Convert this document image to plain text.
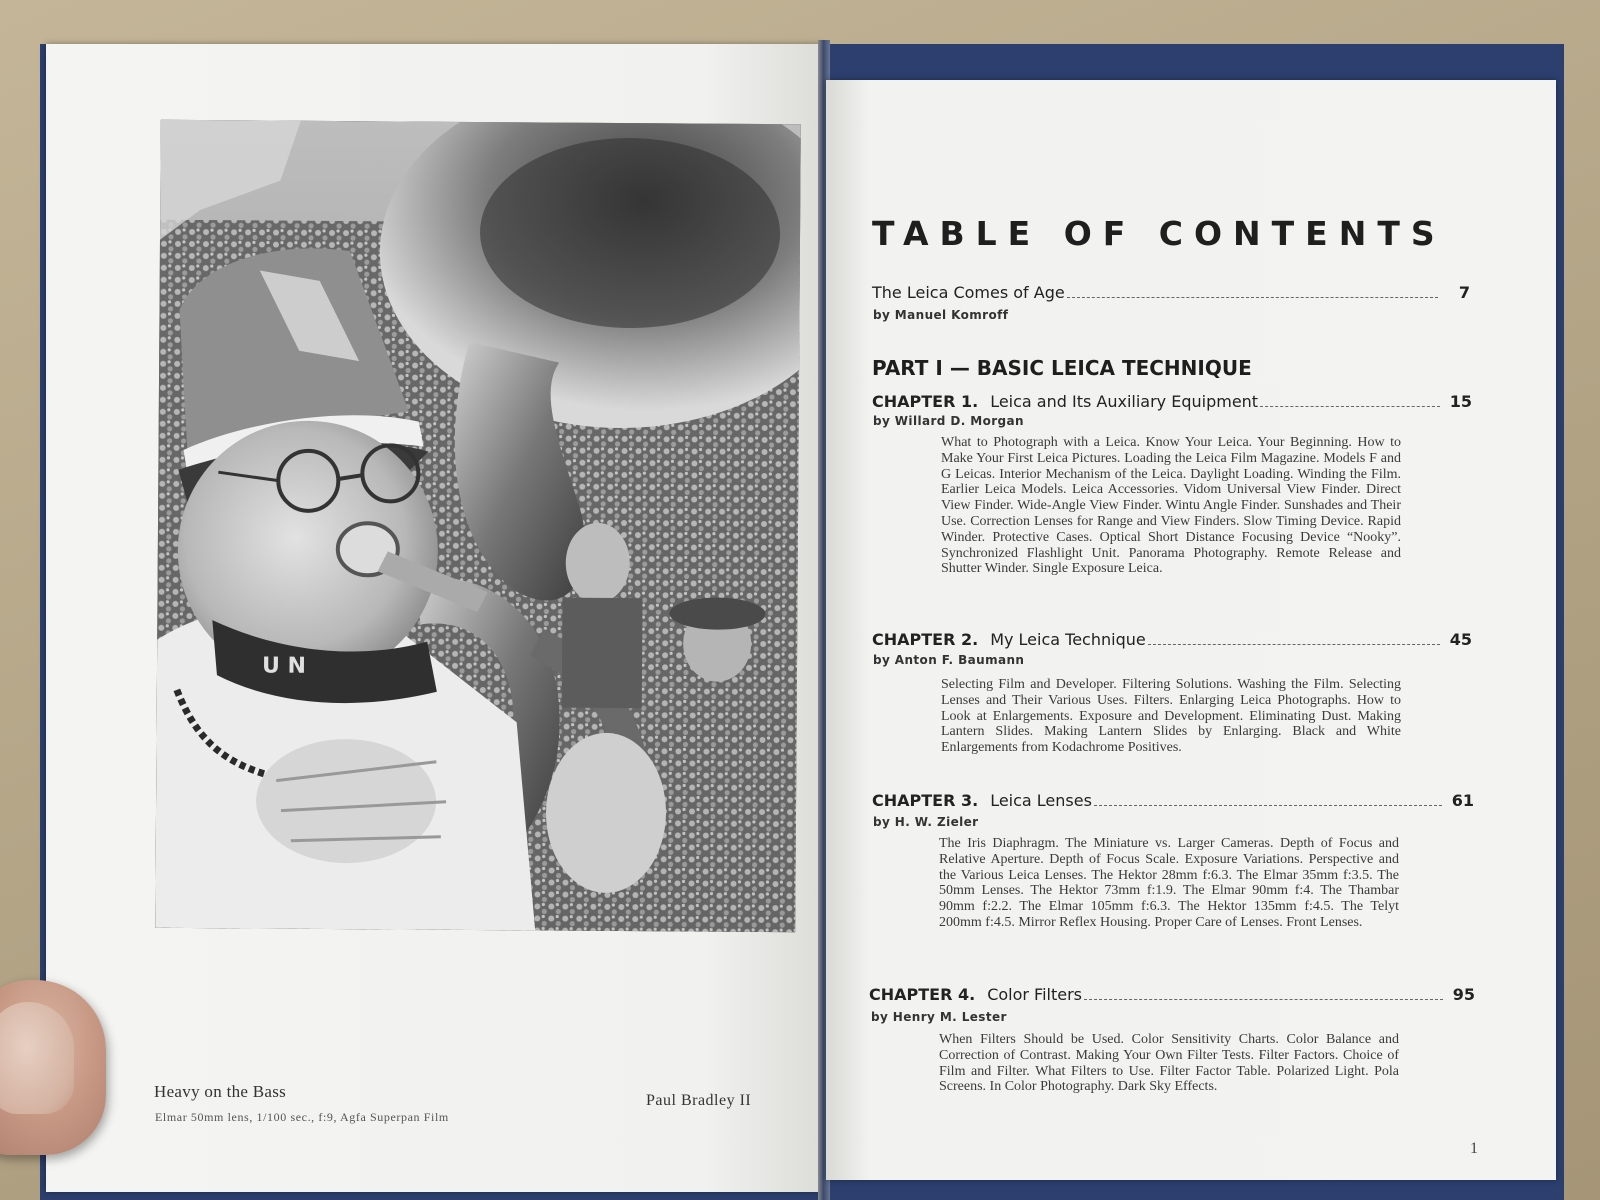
U N
Heavy on the Bass
Elmar 50mm lens, 1/100 sec., f:9, Agfa Superpan Film
Paul Bradley II
TABLE OF CONTENTS
The Leica Comes of Age	7
by Manuel Komroff
PART I — BASIC LEICA TECHNIQUE
CHAPTER 1. Leica and Its Auxiliary Equipment	15
by Willard D. Morgan
What to Photograph with a Leica. Know Your Leica. Your Beginning. How to Make Your First Leica Pictures. Loading the Leica Film Magazine. Models F and G Leicas. Interior Mechanism of the Leica. Daylight Loading. Winding the Film. Earlier Leica Models. Leica Accessories. Vidom Universal View Finder. Direct View Finder. Wide-Angle View Finder. Wintu Angle Finder. Sunshades and Their Use. Correction Lenses for Range and View Finders. Slow Timing Device. Rapid Winder. Protective Cases. Optical Short Distance Focusing Device “Nooky”. Synchronized Flashlight Unit. Panorama Photography. Remote Release and Shutter Winder. Single Exposure Leica.
CHAPTER 2. My Leica Technique	45
by Anton F. Baumann
Selecting Film and Developer. Filtering Solutions. Washing the Film. Selecting Lenses and Their Various Uses. Filters. Enlarging Leica Photographs. How to Look at Enlargements. Exposure and Development. Eliminating Dust. Making Lantern Slides. Making Lantern Slides by Enlarging. Black and White Enlargements from Kodachrome Positives.
CHAPTER 3. Leica Lenses	61
by H. W. Zieler
The Iris Diaphragm. The Miniature vs. Larger Cameras. Depth of Focus and Relative Aperture. Depth of Focus Scale. Exposure Variations. Perspective and the Various Leica Lenses. The Hektor 28mm f:6.3. The Elmar 35mm f:3.5. The 50mm Lenses. The Hektor 73mm f:1.9. The Elmar 90mm f:4. The Thambar 90mm f:2.2. The Elmar 105mm f:6.3. The Hektor 135mm f:4.5. The Telyt 200mm f:4.5. Mirror Reflex Housing. Proper Care of Lenses. Front Lenses.
CHAPTER 4. Color Filters	95
by Henry M. Lester
When Filters Should be Used. Color Sensitivity Charts. Color Balance and Correction of Contrast. Making Your Own Filter Tests. Filter Factors. Choice of Film and Filter. What Filters to Use. Filter Factor Table. Polarized Light. Pola Screens. In Color Photography. Dark Sky Effects.
1
